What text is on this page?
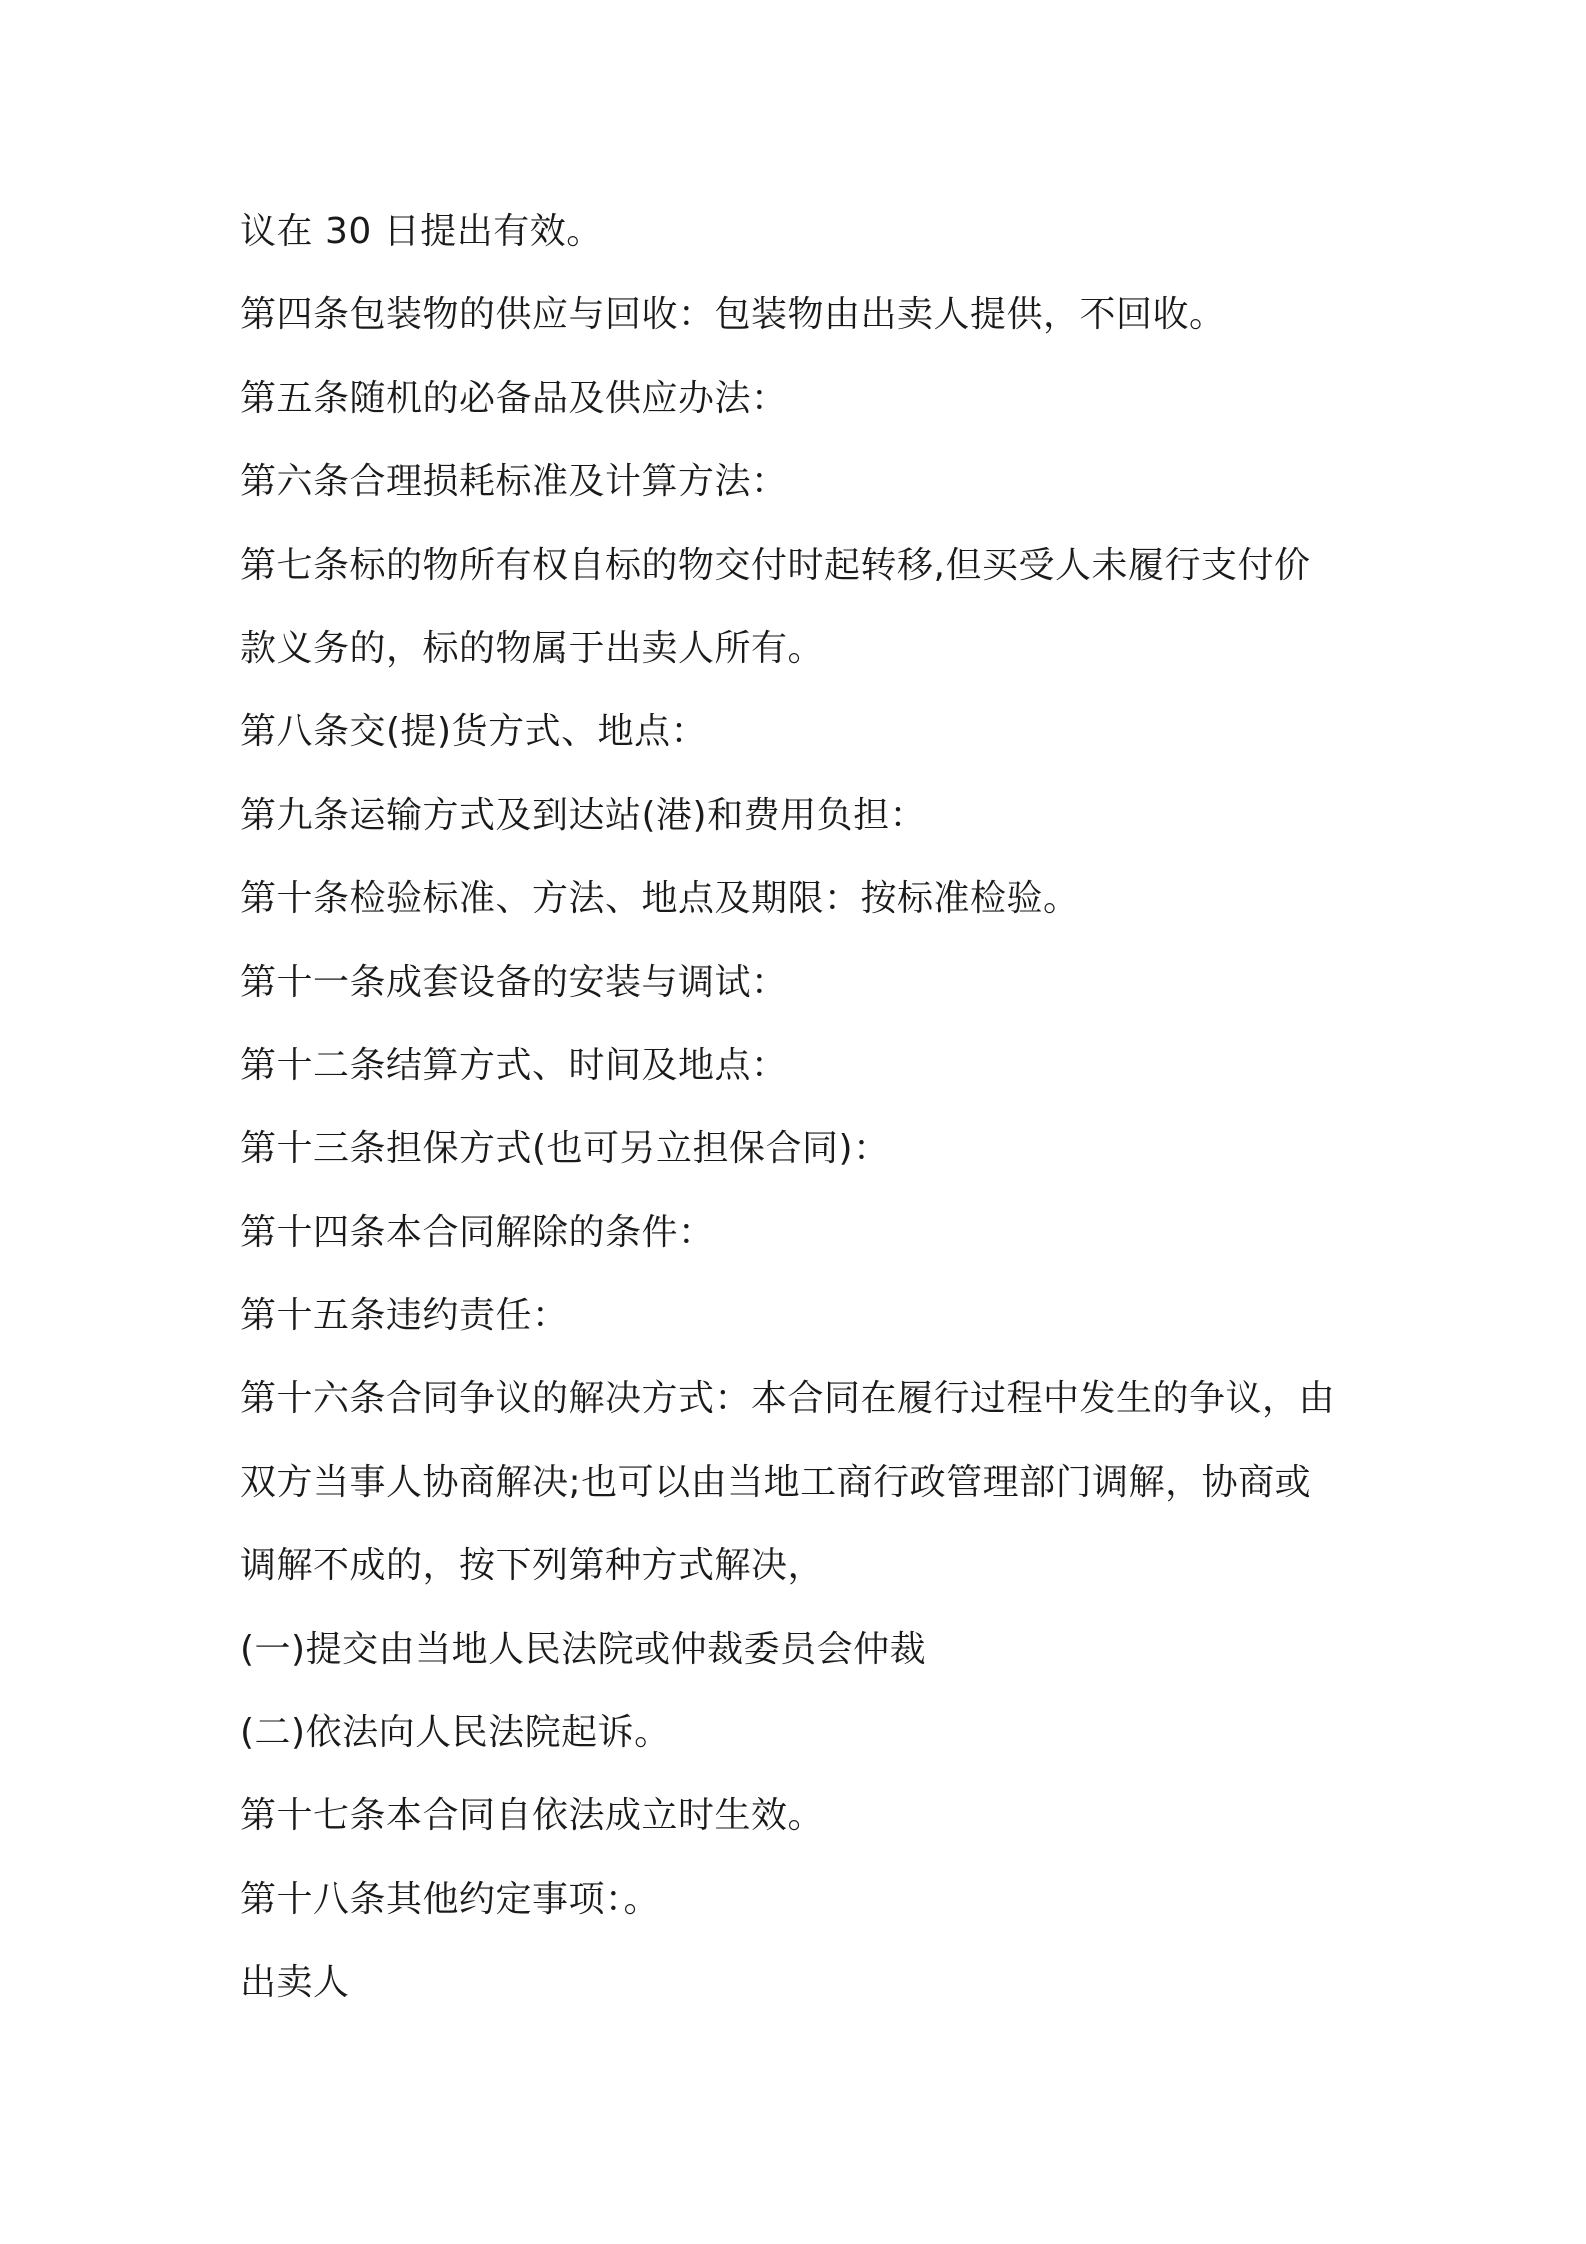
议在 30 日提出有效。
第四条包装物的供应与回收：包装物由出卖人提供，不回收。
第五条随机的必备品及供应办法：
第六条合理损耗标准及计算方法：
第七条标的物所有权自标的物交付时起转移,但买受人未履行支付价
款义务的，标的物属于出卖人所有。
第八条交(提)货方式、地点：
第九条运输方式及到达站(港)和费用负担：
第十条检验标准、方法、地点及期限：按标准检验。
第十一条成套设备的安装与调试：
第十二条结算方式、时间及地点：
第十三条担保方式(也可另立担保合同)：
第十四条本合同解除的条件：
第十五条违约责任：
第十六条合同争议的解决方式：本合同在履行过程中发生的争议，由
双方当事人协商解决;也可以由当地工商行政管理部门调解，协商或
调解不成的，按下列第种方式解决，
(一)提交由当地人民法院或仲裁委员会仲裁
(二)依法向人民法院起诉。
第十七条本合同自依法成立时生效。
第十八条其他约定事项：。
出卖人
